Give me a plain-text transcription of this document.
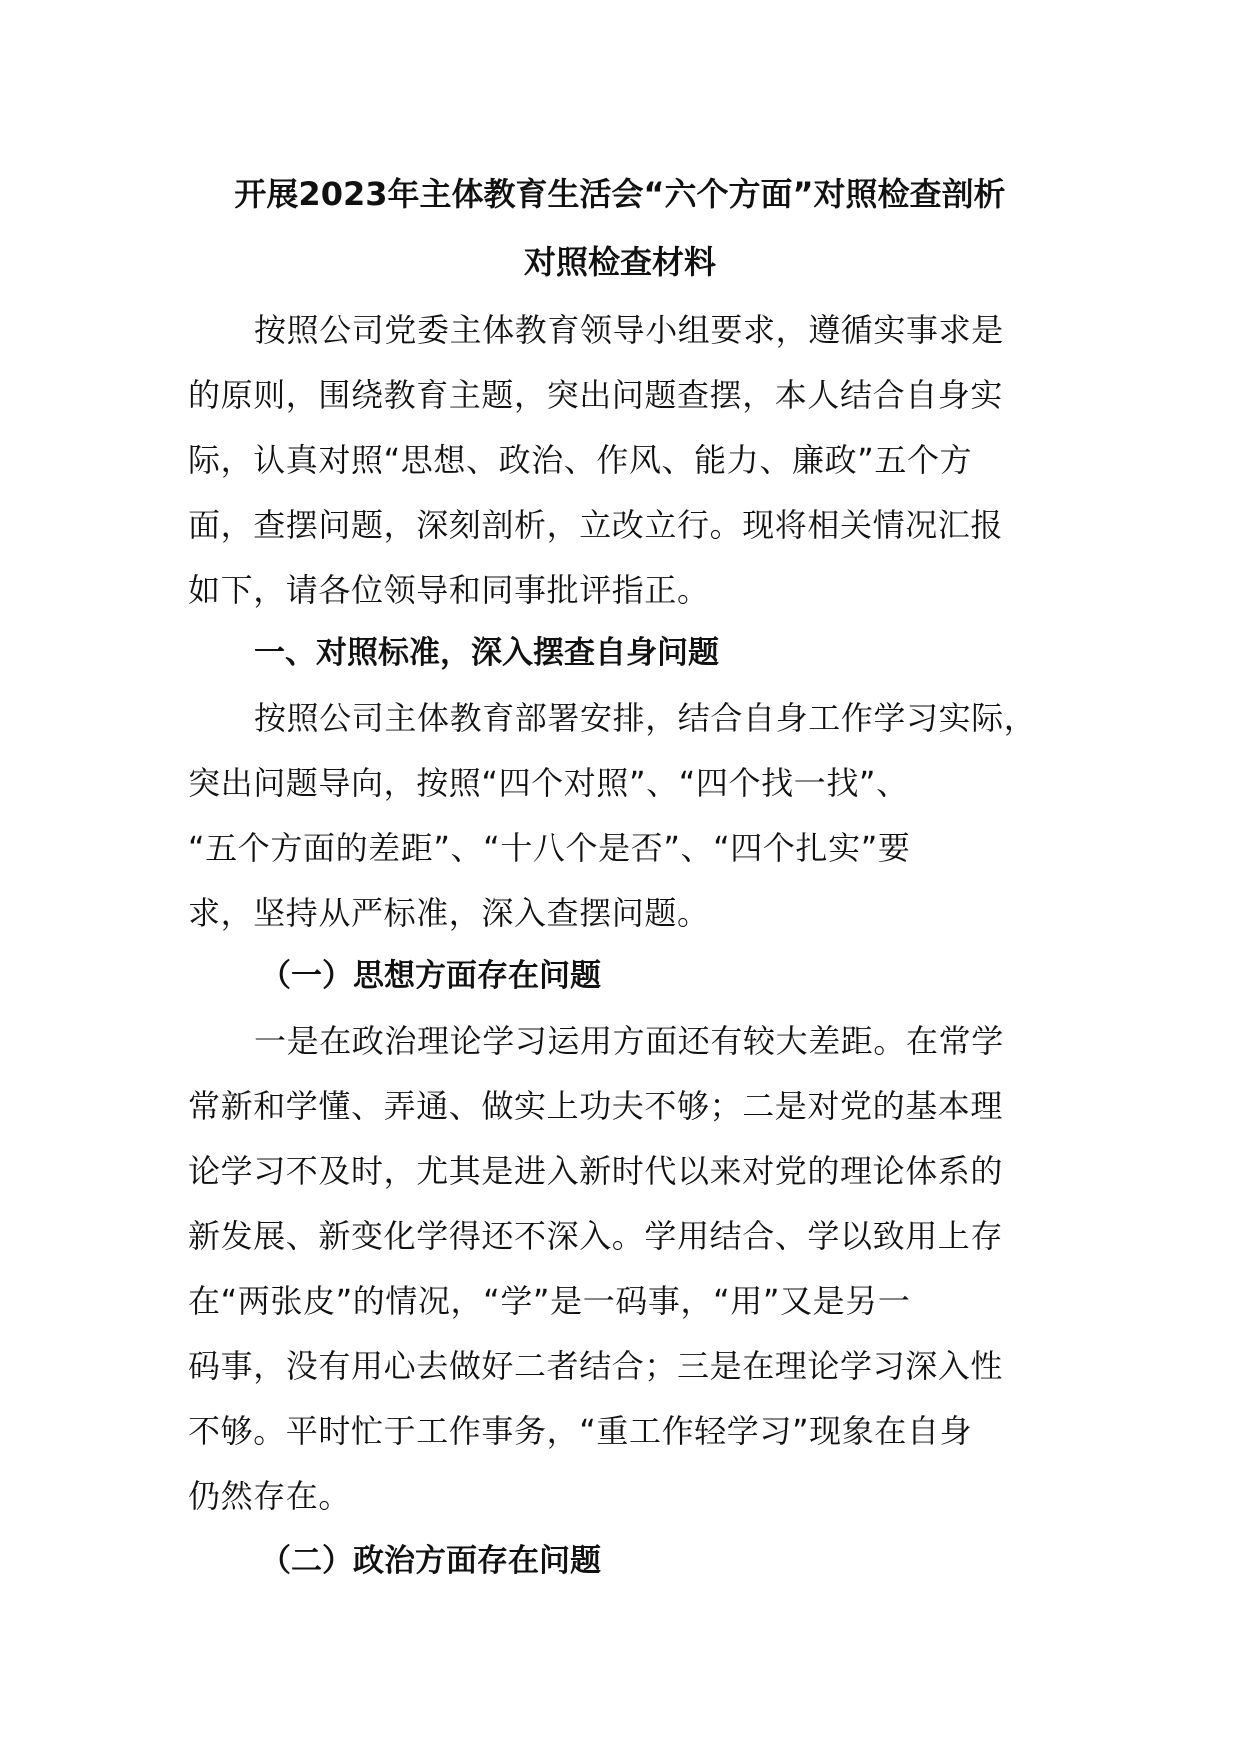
开展2023年主体教育生活会“六个方面”对照检查剖析
对照检查材料
按照公司党委主体教育领导小组要求，遵循实事求是
的原则，围绕教育主题，突出问题查摆，本人结合自身实
际，认真对照“思想、政治、作风、能力、廉政”五个方
面，查摆问题，深刻剖析，立改立行。现将相关情况汇报
如下，请各位领导和同事批评指正。
一、对照标准，深入摆查自身问题
按照公司主体教育部署安排，结合自身工作学习实际，
突出问题导向，按照“四个对照”、“四个找一找”、
“五个方面的差距”、“十八个是否”、“四个扎实”要
求，坚持从严标准，深入查摆问题。
（一）思想方面存在问题
一是在政治理论学习运用方面还有较大差距。在常学
常新和学懂、弄通、做实上功夫不够；二是对党的基本理
论学习不及时，尤其是进入新时代以来对党的理论体系的
新发展、新变化学得还不深入。学用结合、学以致用上存
在“两张皮”的情况，“学”是一码事，“用”又是另一
码事，没有用心去做好二者结合；三是在理论学习深入性
不够。平时忙于工作事务，“重工作轻学习”现象在自身
仍然存在。
（二）政治方面存在问题
